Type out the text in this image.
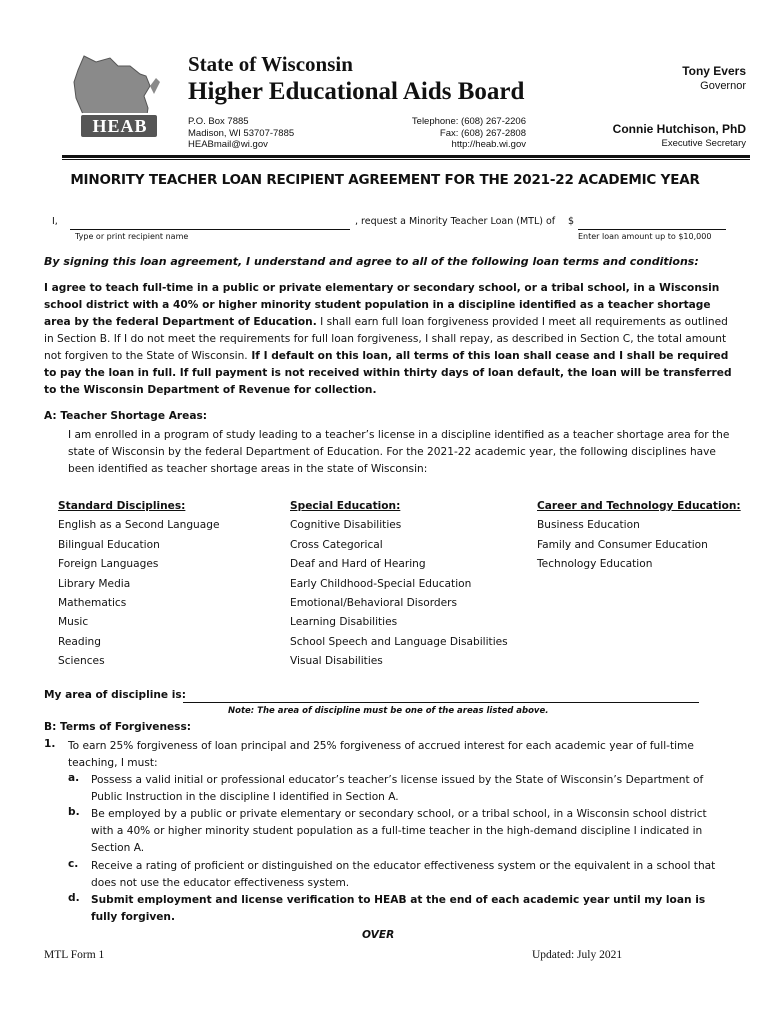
HEAB
State of Wisconsin
Higher Educational Aids Board
P.O. Box 7885
Madison, WI 53707-7885
HEABmail@wi.gov
Telephone: (608) 267-2206
Fax: (608) 267-2808
http://heab.wi.gov
Tony Evers
Governor
Connie Hutchison, PhD
Executive Secretary
MINORITY TEACHER LOAN RECIPIENT AGREEMENT FOR THE 2021-22 ACADEMIC YEAR
I,
Type or print recipient name
, request a Minority Teacher Loan (MTL) of $
Enter loan amount up to $10,000
By signing this loan agreement, I understand and agree to all of the following loan terms and conditions:
I agree to teach full-time in a public or private elementary or secondary school, or a tribal school, in a Wisconsin school district with a 40% or higher minority student population in a discipline identified as a teacher shortage area by the federal Department of Education. I shall earn full loan forgiveness provided I meet all requirements as outlined in Section B. If I do not meet the requirements for full loan forgiveness, I shall repay, as described in Section C, the total amount not forgiven to the State of Wisconsin. If I default on this loan, all terms of this loan shall cease and I shall be required to pay the loan in full. If full payment is not received within thirty days of loan default, the loan will be transferred to the Wisconsin Department of Revenue for collection.
A: Teacher Shortage Areas:
I am enrolled in a program of study leading to a teacher’s license in a discipline identified as a teacher shortage area for the state of Wisconsin by the federal Department of Education. For the 2021-22 academic year, the following disciplines have been identified as teacher shortage areas in the state of Wisconsin:
Standard Disciplines:
English as a Second Language
Bilingual Education
Foreign Languages
Library Media
Mathematics
Music
Reading
Sciences
Special Education:
Cognitive Disabilities
Cross Categorical
Deaf and Hard of Hearing
Early Childhood-Special Education
Emotional/Behavioral Disorders
Learning Disabilities
School Speech and Language Disabilities
Visual Disabilities
Career and Technology Education:
Business Education
Family and Consumer Education
Technology Education
My area of discipline is:
Note: The area of discipline must be one of the areas listed above.
B: Terms of Forgiveness:
1. To earn 25% forgiveness of loan principal and 25% forgiveness of accrued interest for each academic year of full-time teaching, I must:
a. Possess a valid initial or professional educator’s teacher’s license issued by the State of Wisconsin’s Department of Public Instruction in the discipline I identified in Section A.
b. Be employed by a public or private elementary or secondary school, or a tribal school, in a Wisconsin school district with a 40% or higher minority student population as a full-time teacher in the high-demand discipline I indicated in Section A.
c. Receive a rating of proficient or distinguished on the educator effectiveness system or the equivalent in a school that does not use the educator effectiveness system.
d. Submit employment and license verification to HEAB at the end of each academic year until my loan is fully forgiven.
OVER
MTL Form 1	Updated: July 2021
